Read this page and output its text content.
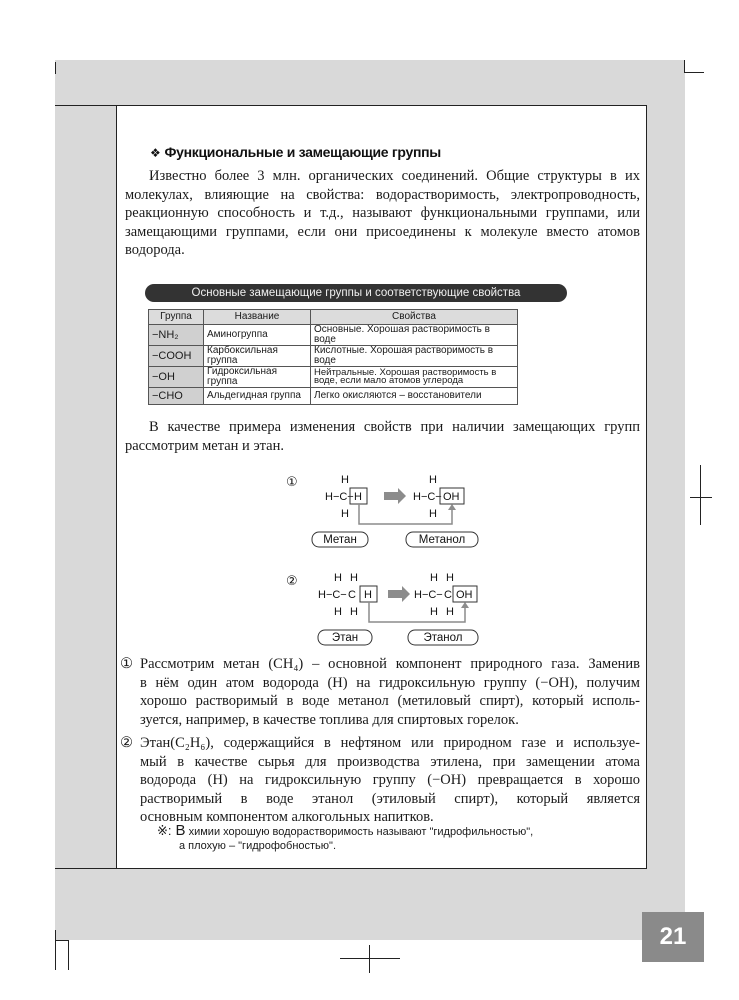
❖ Функциональные и замещающие группы
Известно более 3 млн. органических соединений. Общие структуры в их
молекулах, влияющие на свойства: водорастворимость, электропроводность,
реакционную способность и т.д., называют функциональными группами, или
замещающими группами, если они присоединены к молекуле вместо атомов
водорода.
Основные замещающие группы и соответствующие свойства
Группа	Название	Свойства
−NH₂	Аминогруппа	Основные. Хорошая растворимость в воде
−COOH	Карбоксильная группа	Кислотные. Хорошая растворимость в воде
−OH	Гидроксильная группа	Нейтральные. Хорошая растворимость в воде, если мало атомов углерода
−CHO	Альдегидная группа	Легко окисляются – восстановители
В качестве примера изменения свойств при наличии замещающих групп
рассмотрим метан и этан.
①	H
H−C− H
H
H
H−C− OH
H
Метан	Метанол
②	H H
H−C− C H
H H
H H
H−C− C OH
H H
Этан	Этанол
① Рассмотрим метан (CH₄) – основной компонент природного газа. Заменив
в нём один атом водорода (H) на гидроксильную группу (−OH), получим
хорошо растворимый в воде метанол (метиловый спирт), который исполь-
зуется, например, в качестве топлива для спиртовых горелок.
② Этан(C₂H₆), содержащийся в нефтяном или природном газе и используе-
мый в качестве сырья для производства этилена, при замещении атома
водорода (H) на гидроксильную группу (−OH) превращается в хорошо
растворимый в воде этанол (этиловый спирт), который является
основным компонентом алкогольных напитков.
※: В химии хорошую водорастворимость называют "гидрофильностью",
а плохую – "гидрофобностью".
21
